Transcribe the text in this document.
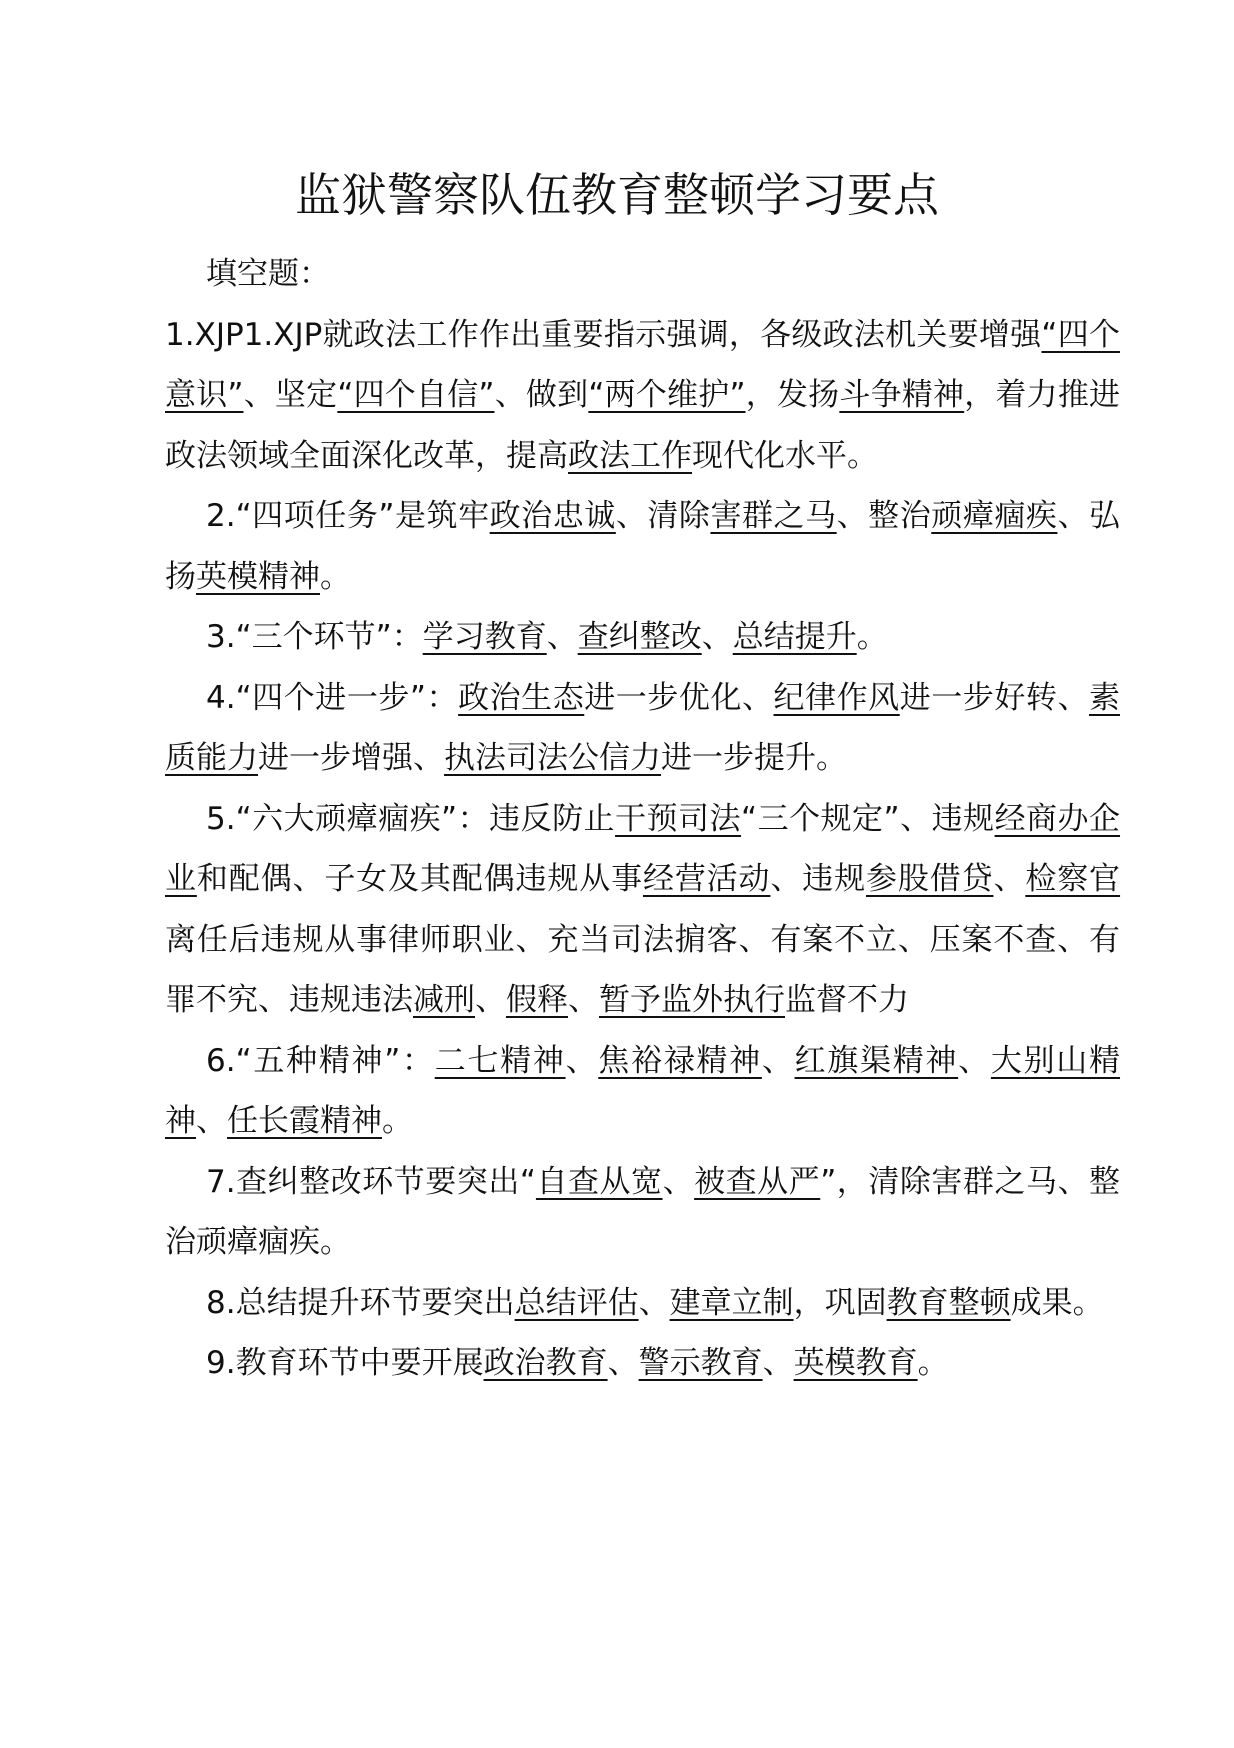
监狱警察队伍教育整顿学习要点

填空题：

1.XJP1.XJP就政法工作作出重要指示强调，各级政法机关要增强“四个意识”、坚定“四个自信”、做到“两个维护”，发扬斗争精神，着力推进政法领域全面深化改革，提高政法工作现代化水平。

2.“四项任务”是筑牢政治忠诚、清除害群之马、整治顽瘴痼疾、弘扬英模精神。

3.“三个环节”：学习教育、查纠整改、总结提升。

4.“四个进一步”：政治生态进一步优化、纪律作风进一步好转、素质能力进一步增强、执法司法公信力进一步提升。

5.“六大顽瘴痼疾”：违反防止干预司法“三个规定”、违规经商办企业和配偶、子女及其配偶违规从事经营活动、违规参股借贷、检察官离任后违规从事律师职业、充当司法掮客、有案不立、压案不查、有罪不究、违规违法减刑、假释、暂予监外执行监督不力

6.“五种精神”：二七精神、焦裕禄精神、红旗渠精神、大别山精神、任长霞精神。

7.查纠整改环节要突出“自查从宽、被查从严”，清除害群之马、整治顽瘴痼疾。

8.总结提升环节要突出总结评估、建章立制，巩固教育整顿成果。

9.教育环节中要开展政治教育、警示教育、英模教育。
